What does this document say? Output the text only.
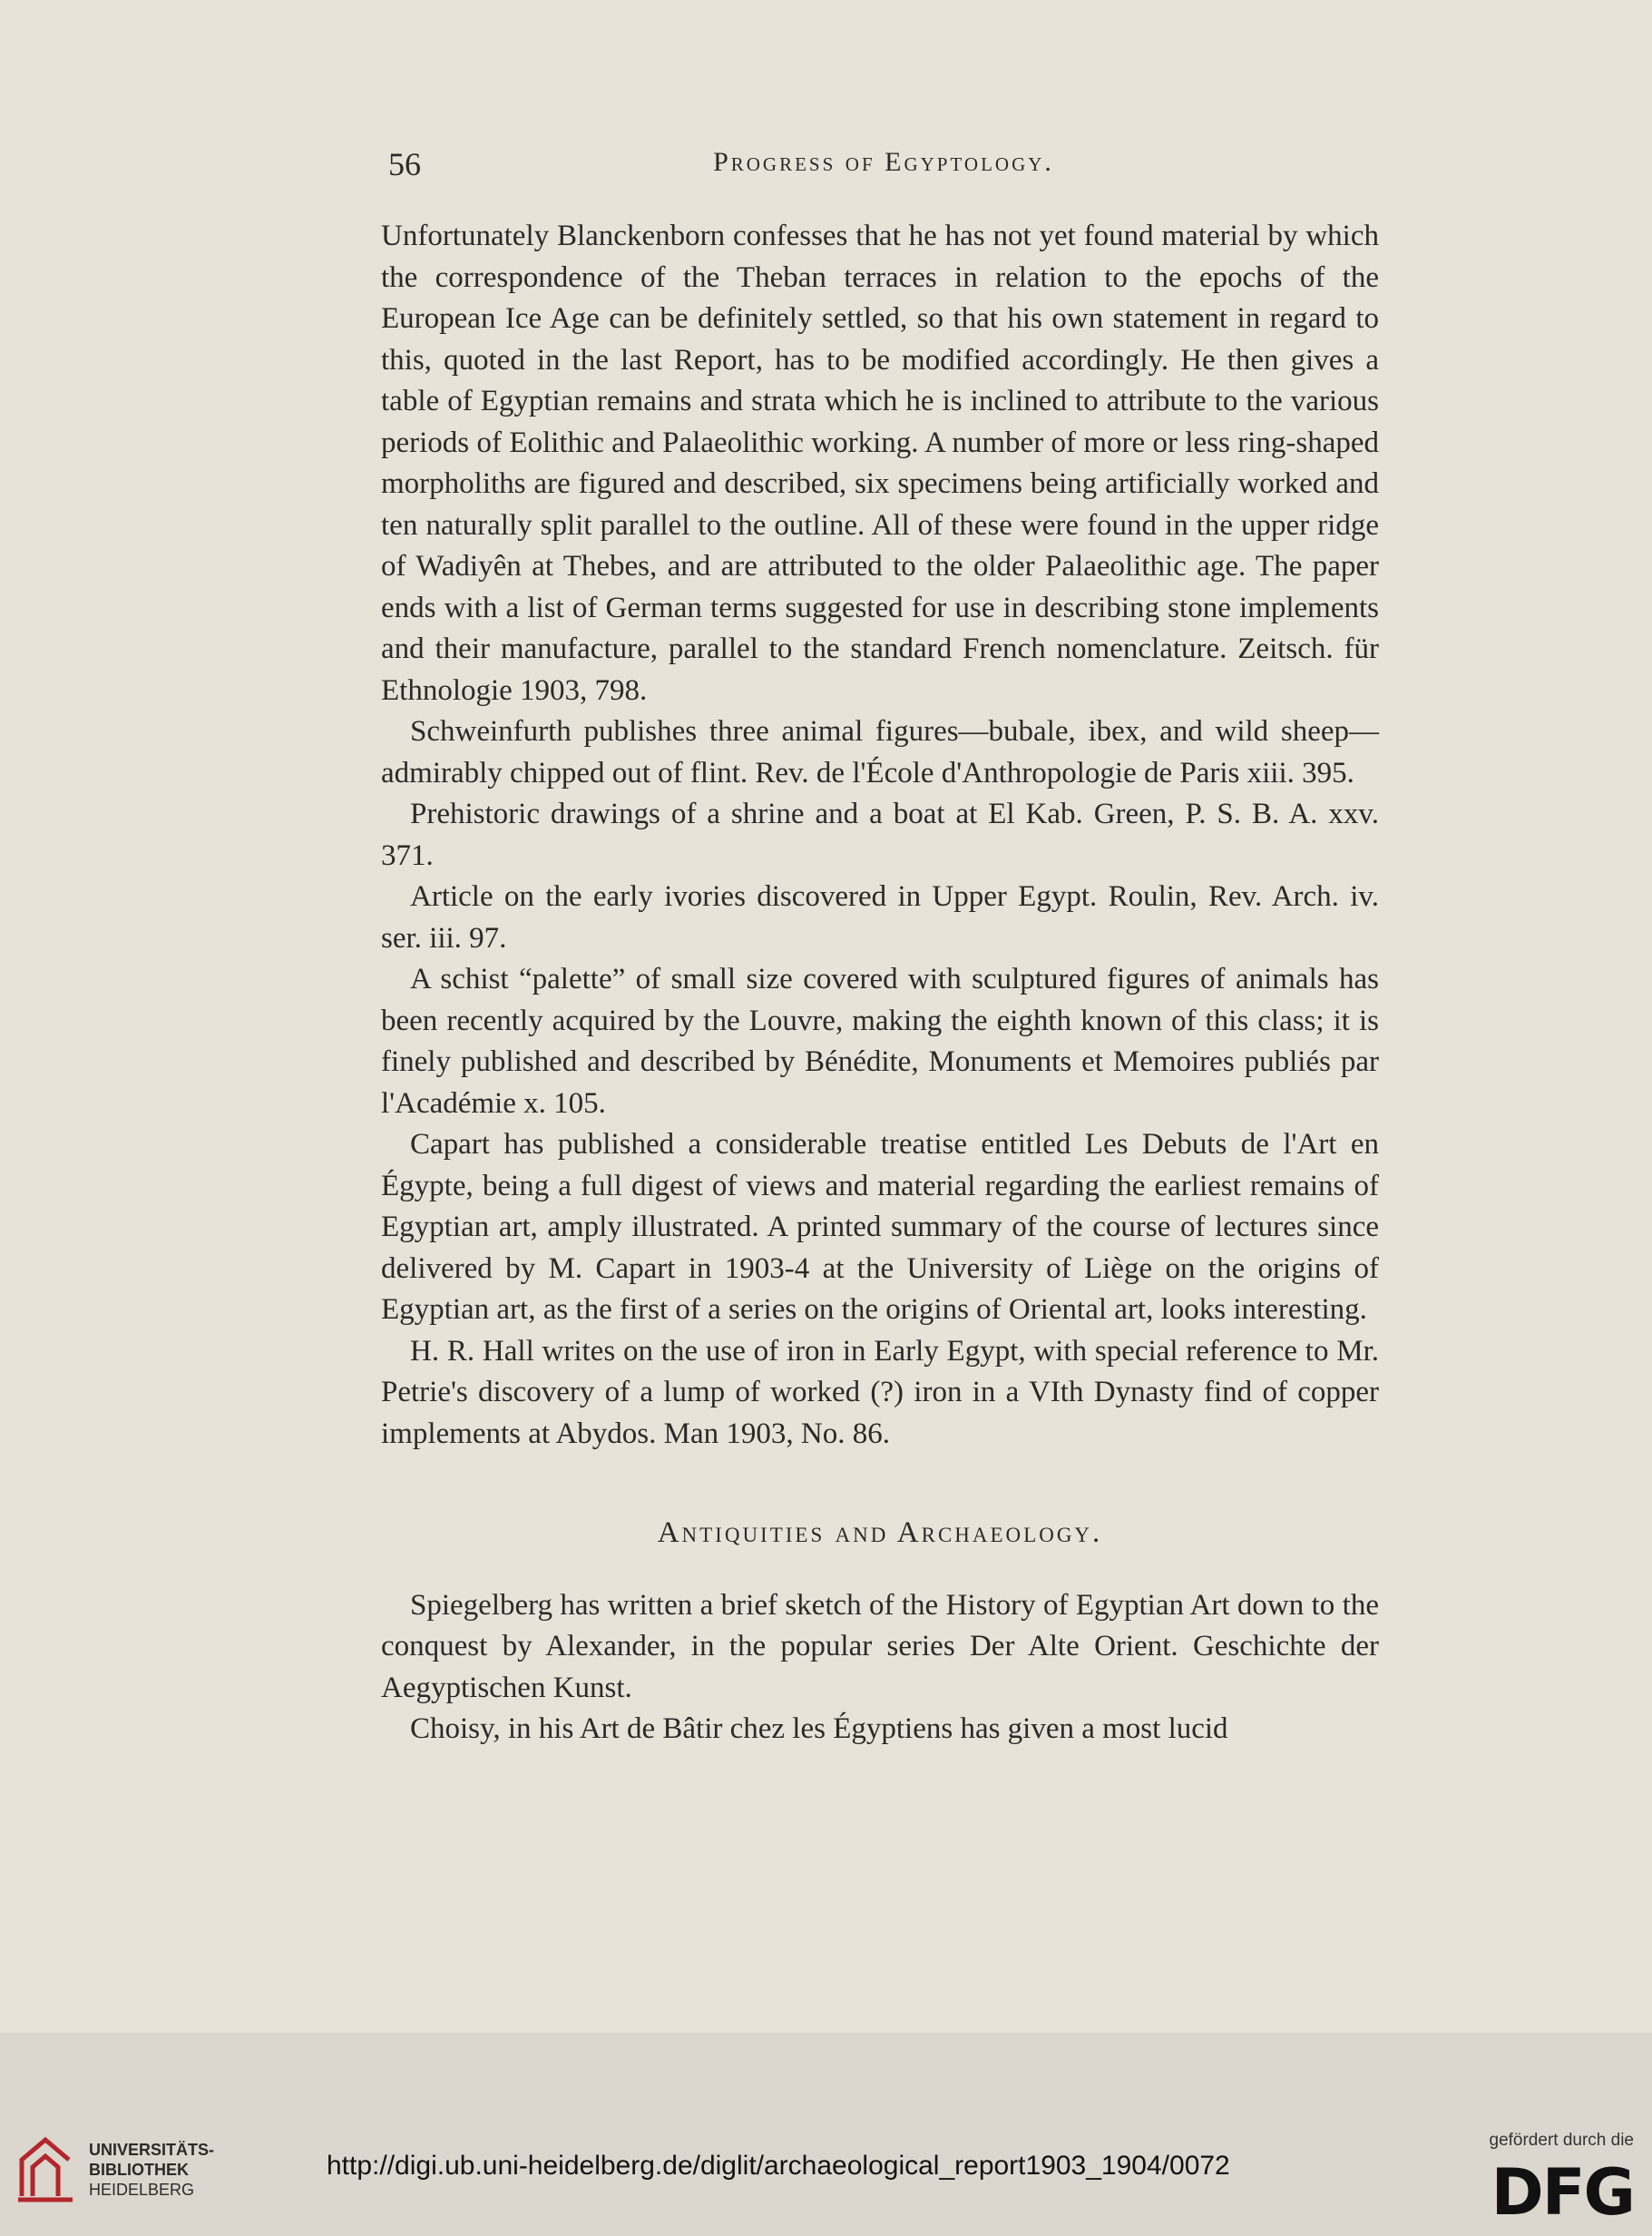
56	Progress of Egyptology.

Unfortunately Blanckenborn confesses that he has not yet found material by which the correspondence of the Theban terraces in relation to the epochs of the European Ice Age can be definitely settled, so that his own statement in regard to this, quoted in the last Report, has to be modified accordingly. He then gives a table of Egyptian remains and strata which he is inclined to attribute to the various periods of Eolithic and Palaeolithic working. A number of more or less ring-shaped morpholiths are figured and described, six specimens being artificially worked and ten naturally split parallel to the outline. All of these were found in the upper ridge of Wadiyên at Thebes, and are attributed to the older Palaeolithic age. The paper ends with a list of German terms suggested for use in describing stone implements and their manufacture, parallel to the standard French nomenclature. Zeitsch. für Ethnologie 1903, 798.

Schweinfurth publishes three animal figures—bubale, ibex, and wild sheep—admirably chipped out of flint. Rev. de l'École d'Anthropologie de Paris xiii. 395.

Prehistoric drawings of a shrine and a boat at El Kab. Green, P. S. B. A. xxv. 371.

Article on the early ivories discovered in Upper Egypt. Roulin, Rev. Arch. iv. ser. iii. 97.

A schist “palette” of small size covered with sculptured figures of animals has been recently acquired by the Louvre, making the eighth known of this class; it is finely published and described by Bénédite, Monuments et Memoires publiés par l'Académie x. 105.

Capart has published a considerable treatise entitled Les Debuts de l'Art en Égypte, being a full digest of views and material regarding the earliest remains of Egyptian art, amply illustrated. A printed summary of the course of lectures since delivered by M. Capart in 1903-4 at the University of Liège on the origins of Egyptian art, as the first of a series on the origins of Oriental art, looks interesting.

H. R. Hall writes on the use of iron in Early Egypt, with special reference to Mr. Petrie's discovery of a lump of worked (?) iron in a VIth Dynasty find of copper implements at Abydos. Man 1903, No. 86.

Antiquities and Archaeology.

Spiegelberg has written a brief sketch of the History of Egyptian Art down to the conquest by Alexander, in the popular series Der Alte Orient. Geschichte der Aegyptischen Kunst.

Choisy, in his Art de Bâtir chez les Égyptiens has given a most lucid

UNIVERSITÄTS-
BIBLIOTHEK
HEIDELBERG
http://digi.ub.uni-heidelberg.de/diglit/archaeological_report1903_1904/0072
gefördert durch die
DFG
